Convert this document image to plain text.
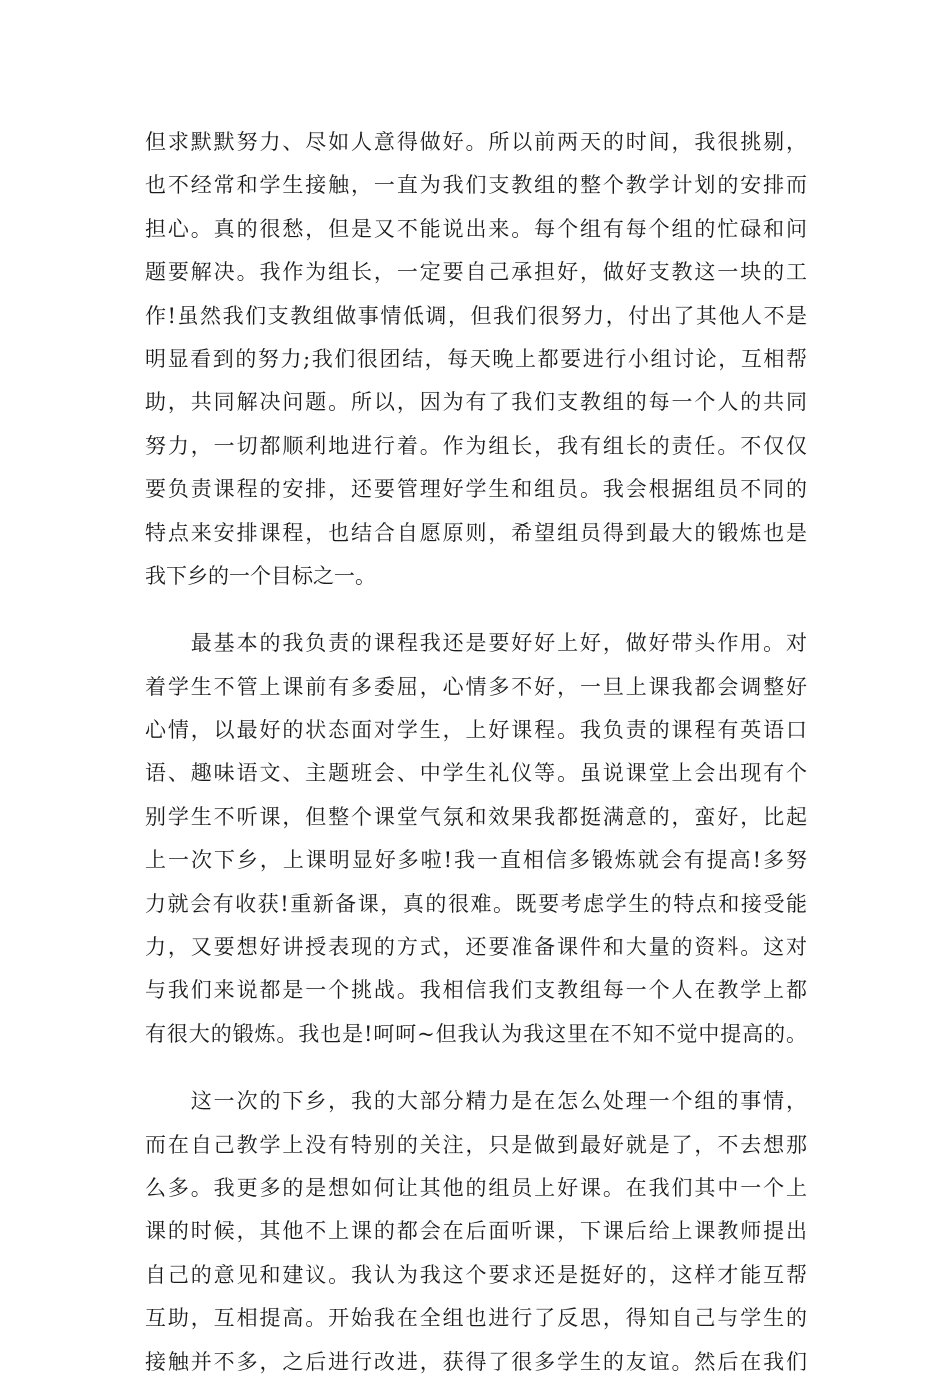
但求默默努力、尽如人意得做好。所以前两天的时间，我很挑剔，
也不经常和学生接触，一直为我们支教组的整个教学计划的安排而
担心。真的很愁，但是又不能说出来。每个组有每个组的忙碌和问
题要解决。我作为组长，一定要自己承担好，做好支教这一块的工
作!虽然我们支教组做事情低调，但我们很努力，付出了其他人不是
明显看到的努力;我们很团结，每天晚上都要进行小组讨论，互相帮
助，共同解决问题。所以，因为有了我们支教组的每一个人的共同
努力，一切都顺利地进行着。作为组长，我有组长的责任。不仅仅
要负责课程的安排，还要管理好学生和组员。我会根据组员不同的
特点来安排课程，也结合自愿原则，希望组员得到最大的锻炼也是
我下乡的一个目标之一。
　　最基本的我负责的课程我还是要好好上好，做好带头作用。对
着学生不管上课前有多委屈，心情多不好，一旦上课我都会调整好
心情，以最好的状态面对学生，上好课程。我负责的课程有英语口
语、趣味语文、主题班会、中学生礼仪等。虽说课堂上会出现有个
别学生不听课，但整个课堂气氛和效果我都挺满意的，蛮好，比起
上一次下乡，上课明显好多啦!我一直相信多锻炼就会有提高!多努
力就会有收获!重新备课，真的很难。既要考虑学生的特点和接受能
力，又要想好讲授表现的方式，还要准备课件和大量的资料。这对
与我们来说都是一个挑战。我相信我们支教组每一个人在教学上都
有很大的锻炼。我也是!呵呵~但我认为我这里在不知不觉中提高的。
　　这一次的下乡，我的大部分精力是在怎么处理一个组的事情，
而在自己教学上没有特别的关注，只是做到最好就是了，不去想那
么多。我更多的是想如何让其他的组员上好课。在我们其中一个上
课的时候，其他不上课的都会在后面听课，下课后给上课教师提出
自己的意见和建议。我认为我这个要求还是挺好的，这样才能互帮
互助，互相提高。开始我在全组也进行了反思，得知自己与学生的
接触并不多，之后进行改进，获得了很多学生的友谊。然后在我们
